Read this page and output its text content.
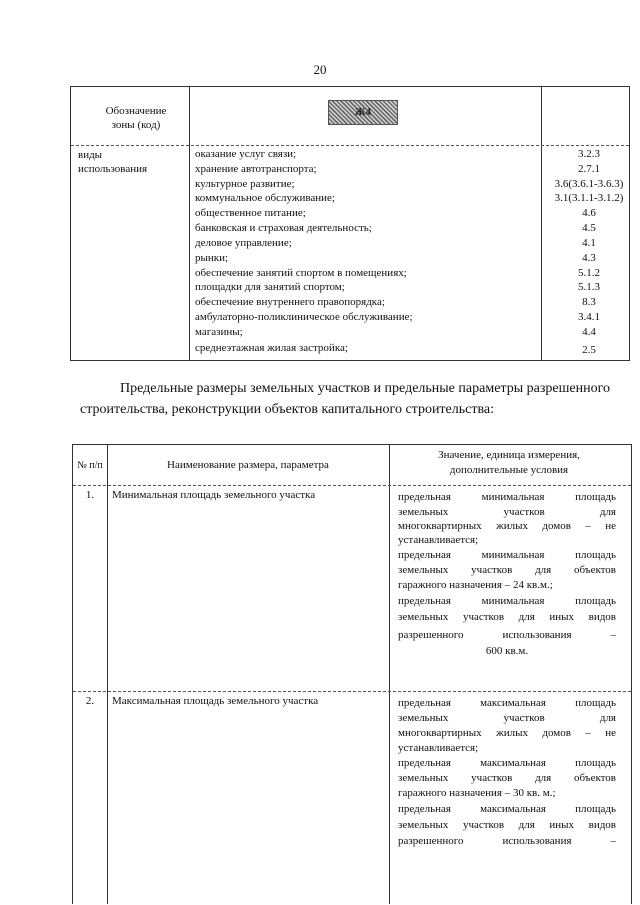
20
Обозначение
зоны (код)
Ж4
виды
использования
оказание услуг связи;	3.2.3
хранение автотранспорта;	2.7.1
культурное развитие;	3.6(3.6.1-3.6.3)
коммунальное обслуживание;	3.1(3.1.1-3.1.2)
общественное питание;	4.6
банковская и страховая деятельность;	4.5
деловое управление;	4.1
рынки;	4.3
обеспечение занятий спортом в помещениях;	5.1.2
площадки для занятий спортом;	5.1.3
обеспечение внутреннего правопорядка;	8.3
амбулаторно-поликлиническое обслуживание;	3.4.1
магазины;	4.4
среднеэтажная жилая застройка;	2.5
Предельные размеры земельных участков и предельные параметры разрешенного строительства, реконструкции объектов капитального строительства:
№ п/п	Наименование размера, параметра
Значение, единица измерения,
дополнительные условия
1.	Минимальная площадь земельного участка	предельная минимальная площадь
земельных участков для
многоквартирных жилых домов – не
устанавливается;
предельная минимальная площадь
земельных участков для объектов
гаражного назначения – 24 кв.м.;
предельная минимальная площадь
земельных участков для иных видов
разрешенного использования –
600 кв.м.
2.	Максимальная площадь земельного участка	предельная максимальная площадь
земельных участков для
многоквартирных жилых домов – не
устанавливается;
предельная максимальная площадь
земельных участков для объектов
гаражного назначения – 30 кв. м.;
предельная максимальная площадь
земельных участков для иных видов
разрешенного использования –
